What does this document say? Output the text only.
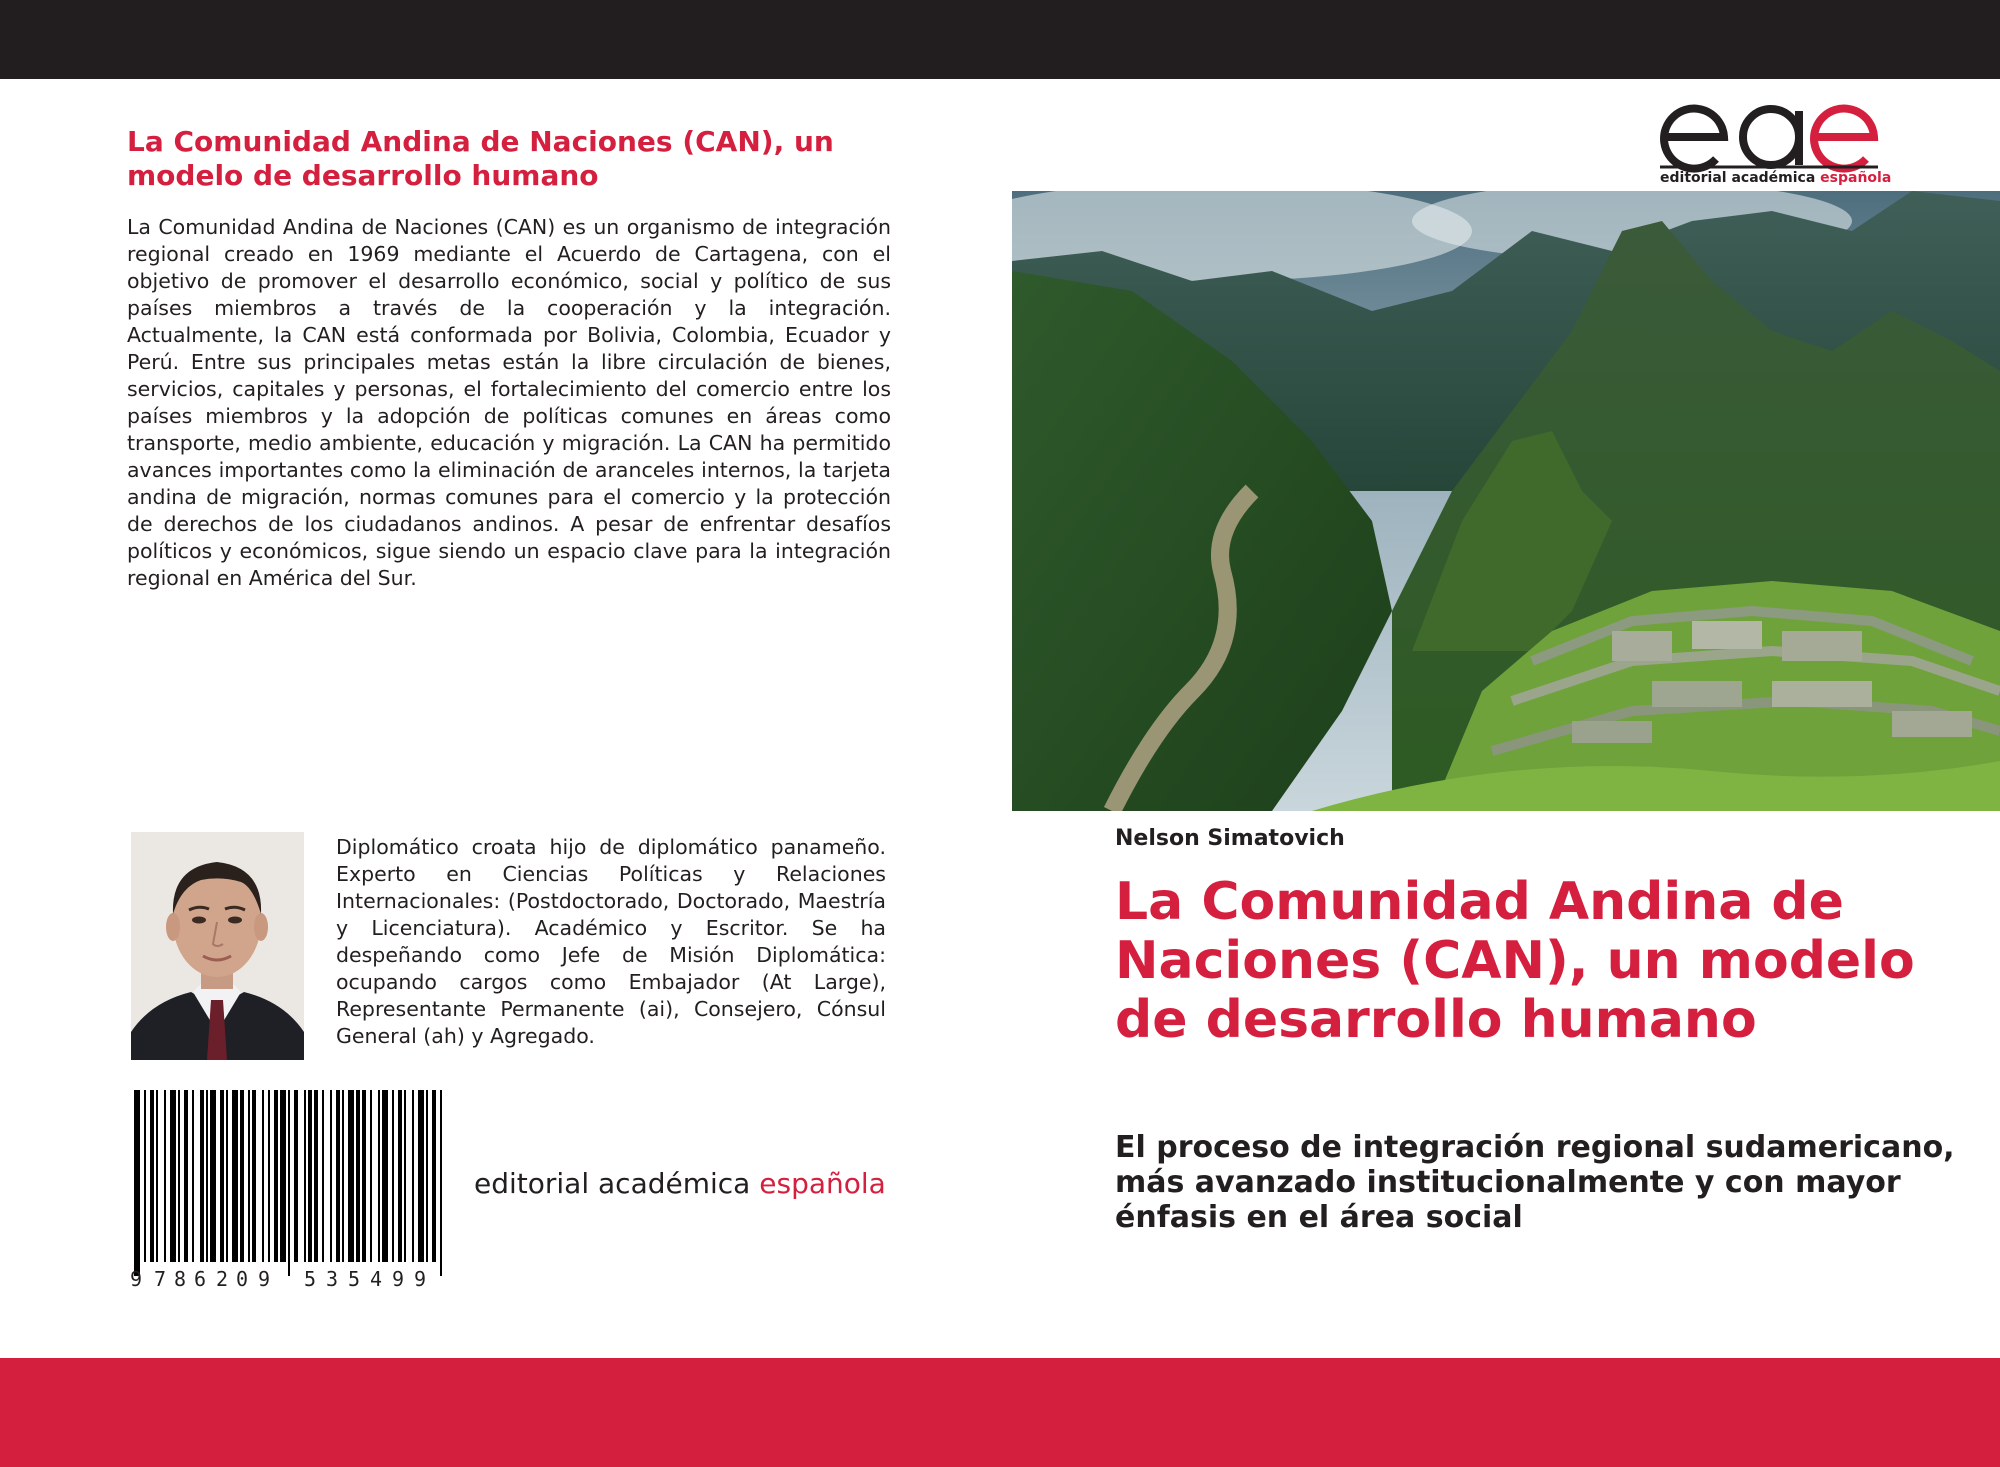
La Comunidad Andina de Naciones (CAN), un modelo de desarrollo humano

La Comunidad Andina de Naciones (CAN) es un organismo de integración regional creado en 1969 mediante el Acuerdo de Cartagena, con el objetivo de promover el desarrollo económico, social y político de sus países miembros a través de la cooperación y la integración. Actualmente, la CAN está conformada por Bolivia, Colombia, Ecuador y Perú. Entre sus principales metas están la libre circulación de bienes, servicios, capitales y personas, el fortalecimiento del comercio entre los países miembros y la adopción de políticas comunes en áreas como transporte, medio ambiente, educación y migración. La CAN ha permitido avances importantes como la eliminación de aranceles internos, la tarjeta andina de migración, normas comunes para el comercio y la protección de derechos de los ciudadanos andinos. A pesar de enfrentar desafíos políticos y económicos, sigue siendo un espacio clave para la integración regional en América del Sur.

Diplomático croata hijo de diplomático panameño. Experto en Ciencias Políticas y Relaciones Internacionales: (Postdoctorado, Doctorado, Maestría y Licenciatura). Académico y Escritor. Se ha despeñando como Jefe de Misión Diplomática: ocupando cargos como Embajador (At Large), Representante Permanente (ai), Consejero, Cónsul General (ah) y Agregado.

9 7 8 6 2 0 9 5 3 5 4 9 9
editorial académica española
editorial académica española
Nelson Simatovich
La Comunidad Andina de Naciones (CAN), un modelo de desarrollo humano
El proceso de integración regional sudamericano, más avanzado institucionalmente y con mayor énfasis en el área social
